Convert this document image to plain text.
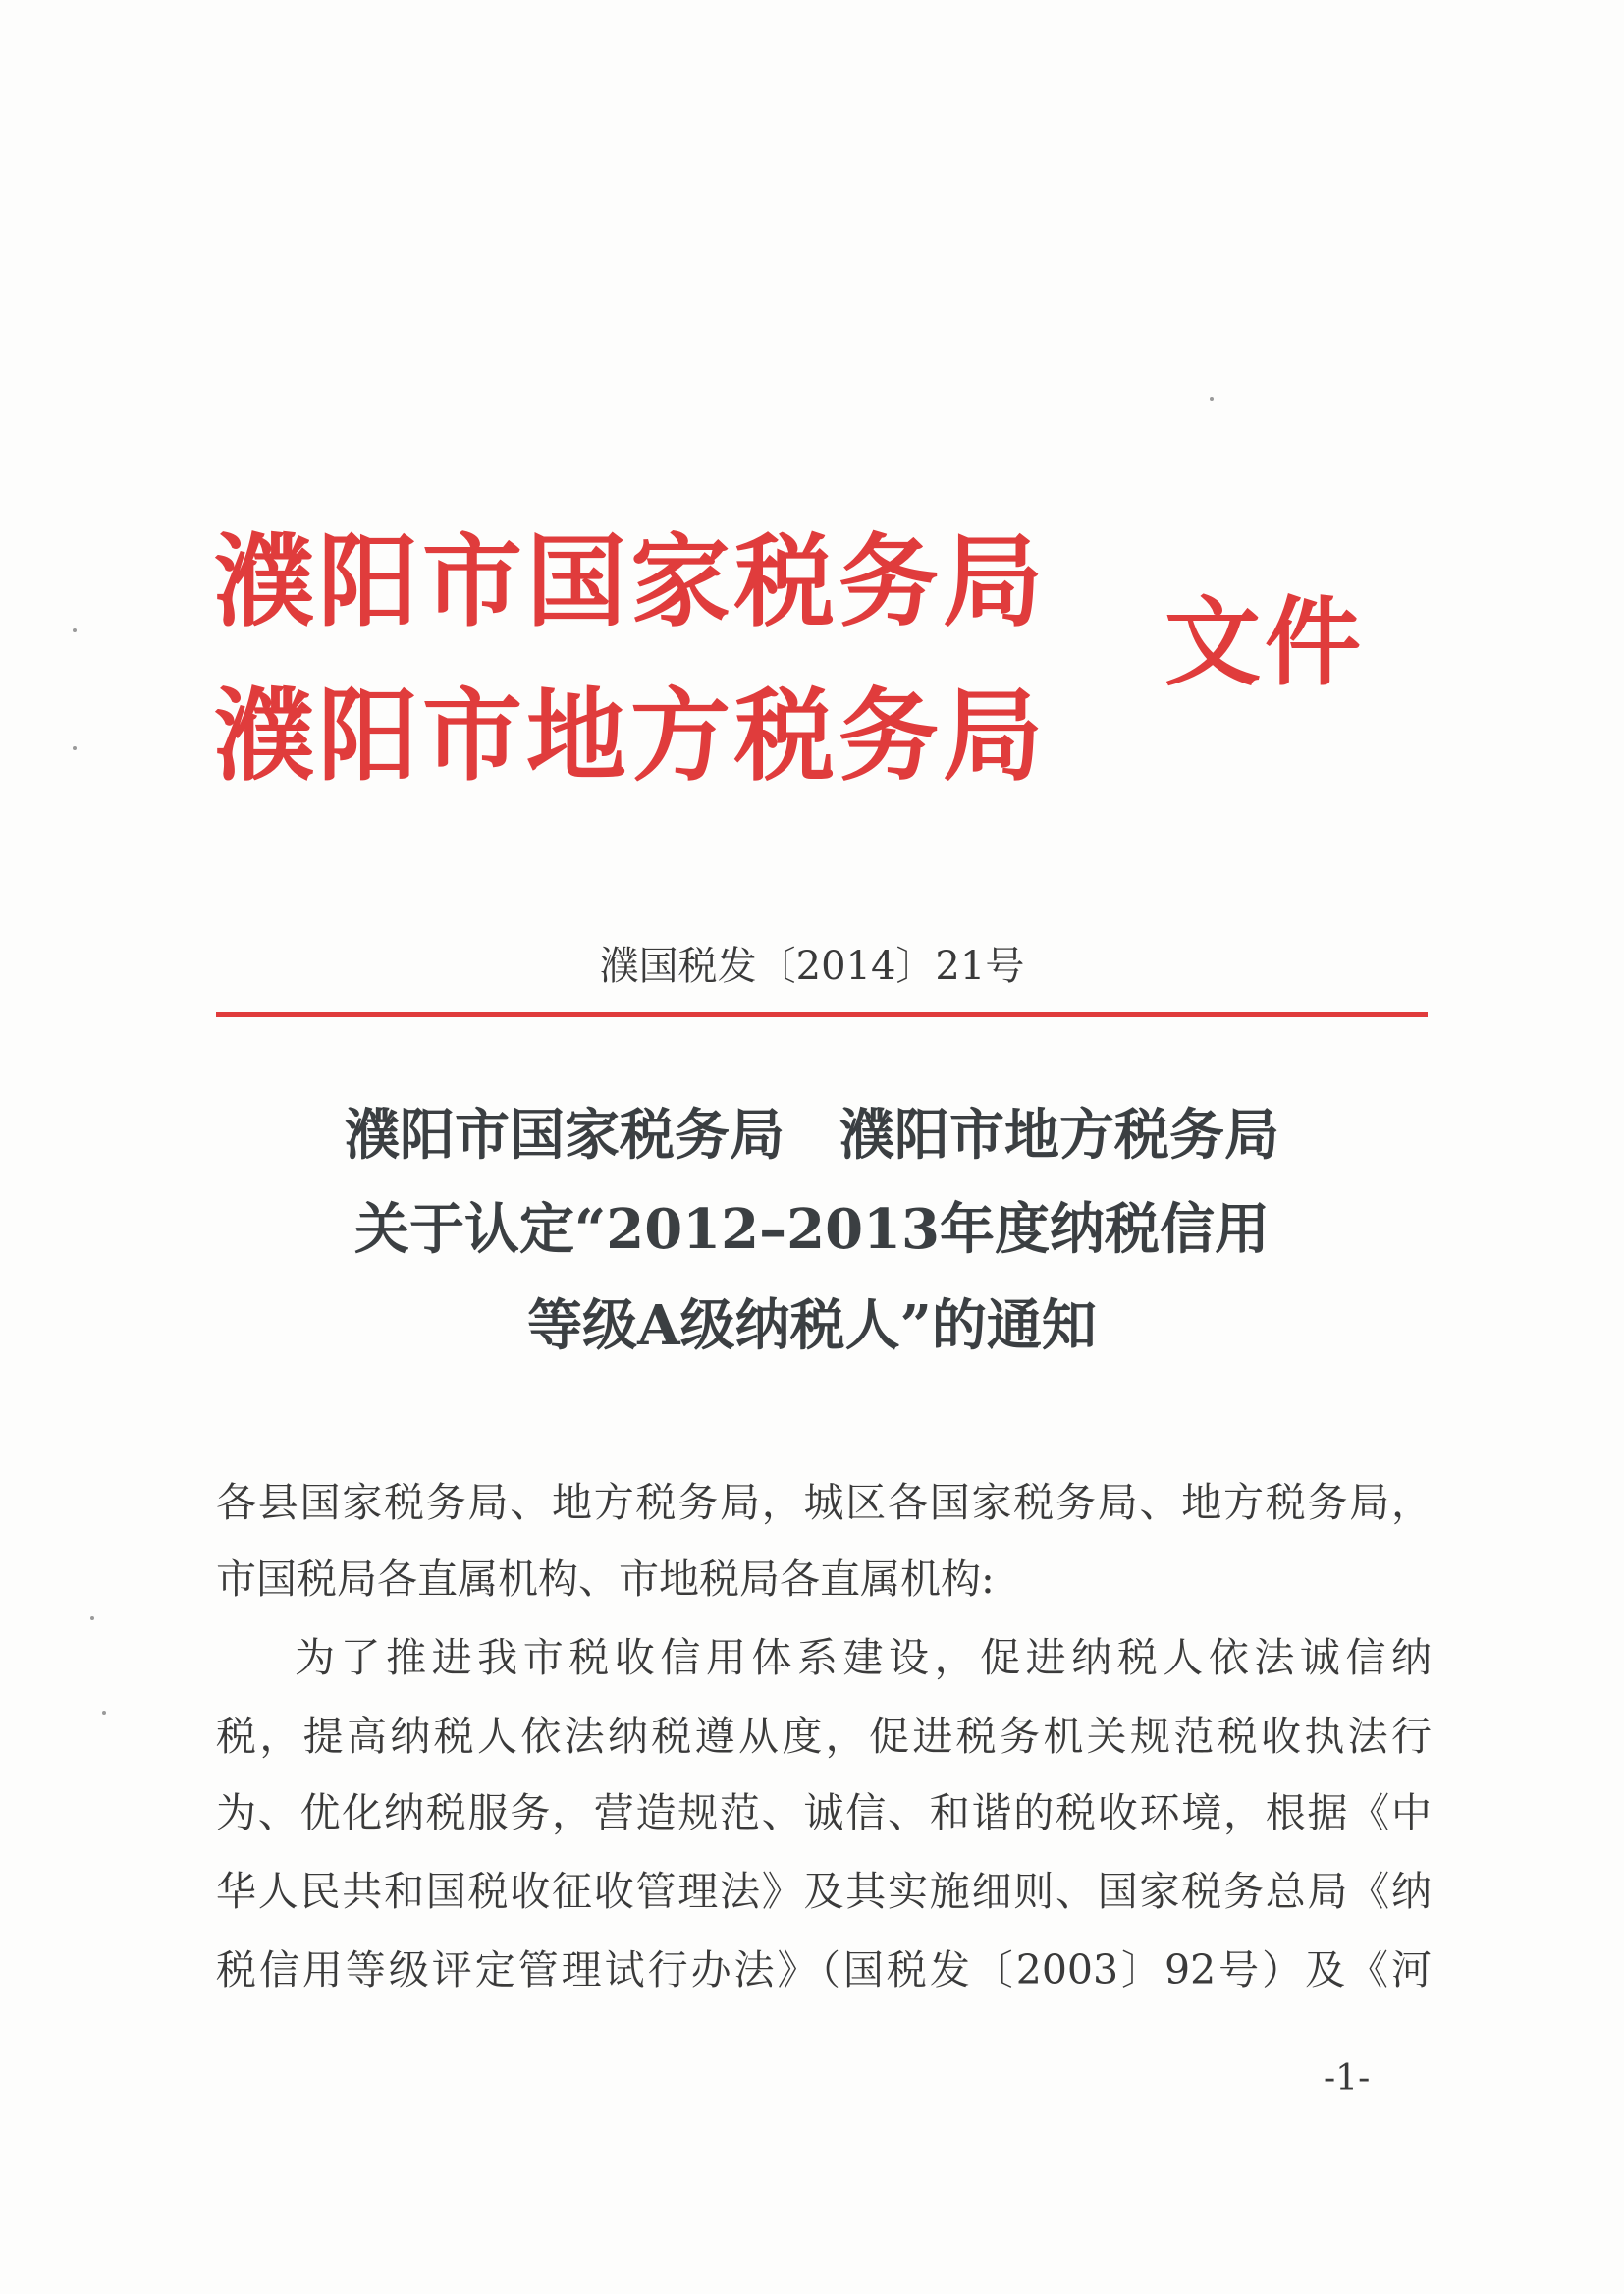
濮阳市国家税务局
濮阳市地方税务局
文件
濮国税发〔2014〕21号
濮阳市国家税务局　濮阳市地方税务局
关于认定“2012–2013年度纳税信用
等级A级纳税人”的通知
各县国家税务局、地方税务局，城区各国家税务局、地方税务局，
市国税局各直属机构、市地税局各直属机构:
为了推进我市税收信用体系建设，促进纳税人依法诚信纳
税，提高纳税人依法纳税遵从度，促进税务机关规范税收执法行
为、优化纳税服务，营造规范、诚信、和谐的税收环境，根据《中
华人民共和国税收征收管理法》及其实施细则、国家税务总局《纳
税信用等级评定管理试行办法》（国税发〔2003〕92号）及《河
-1-
